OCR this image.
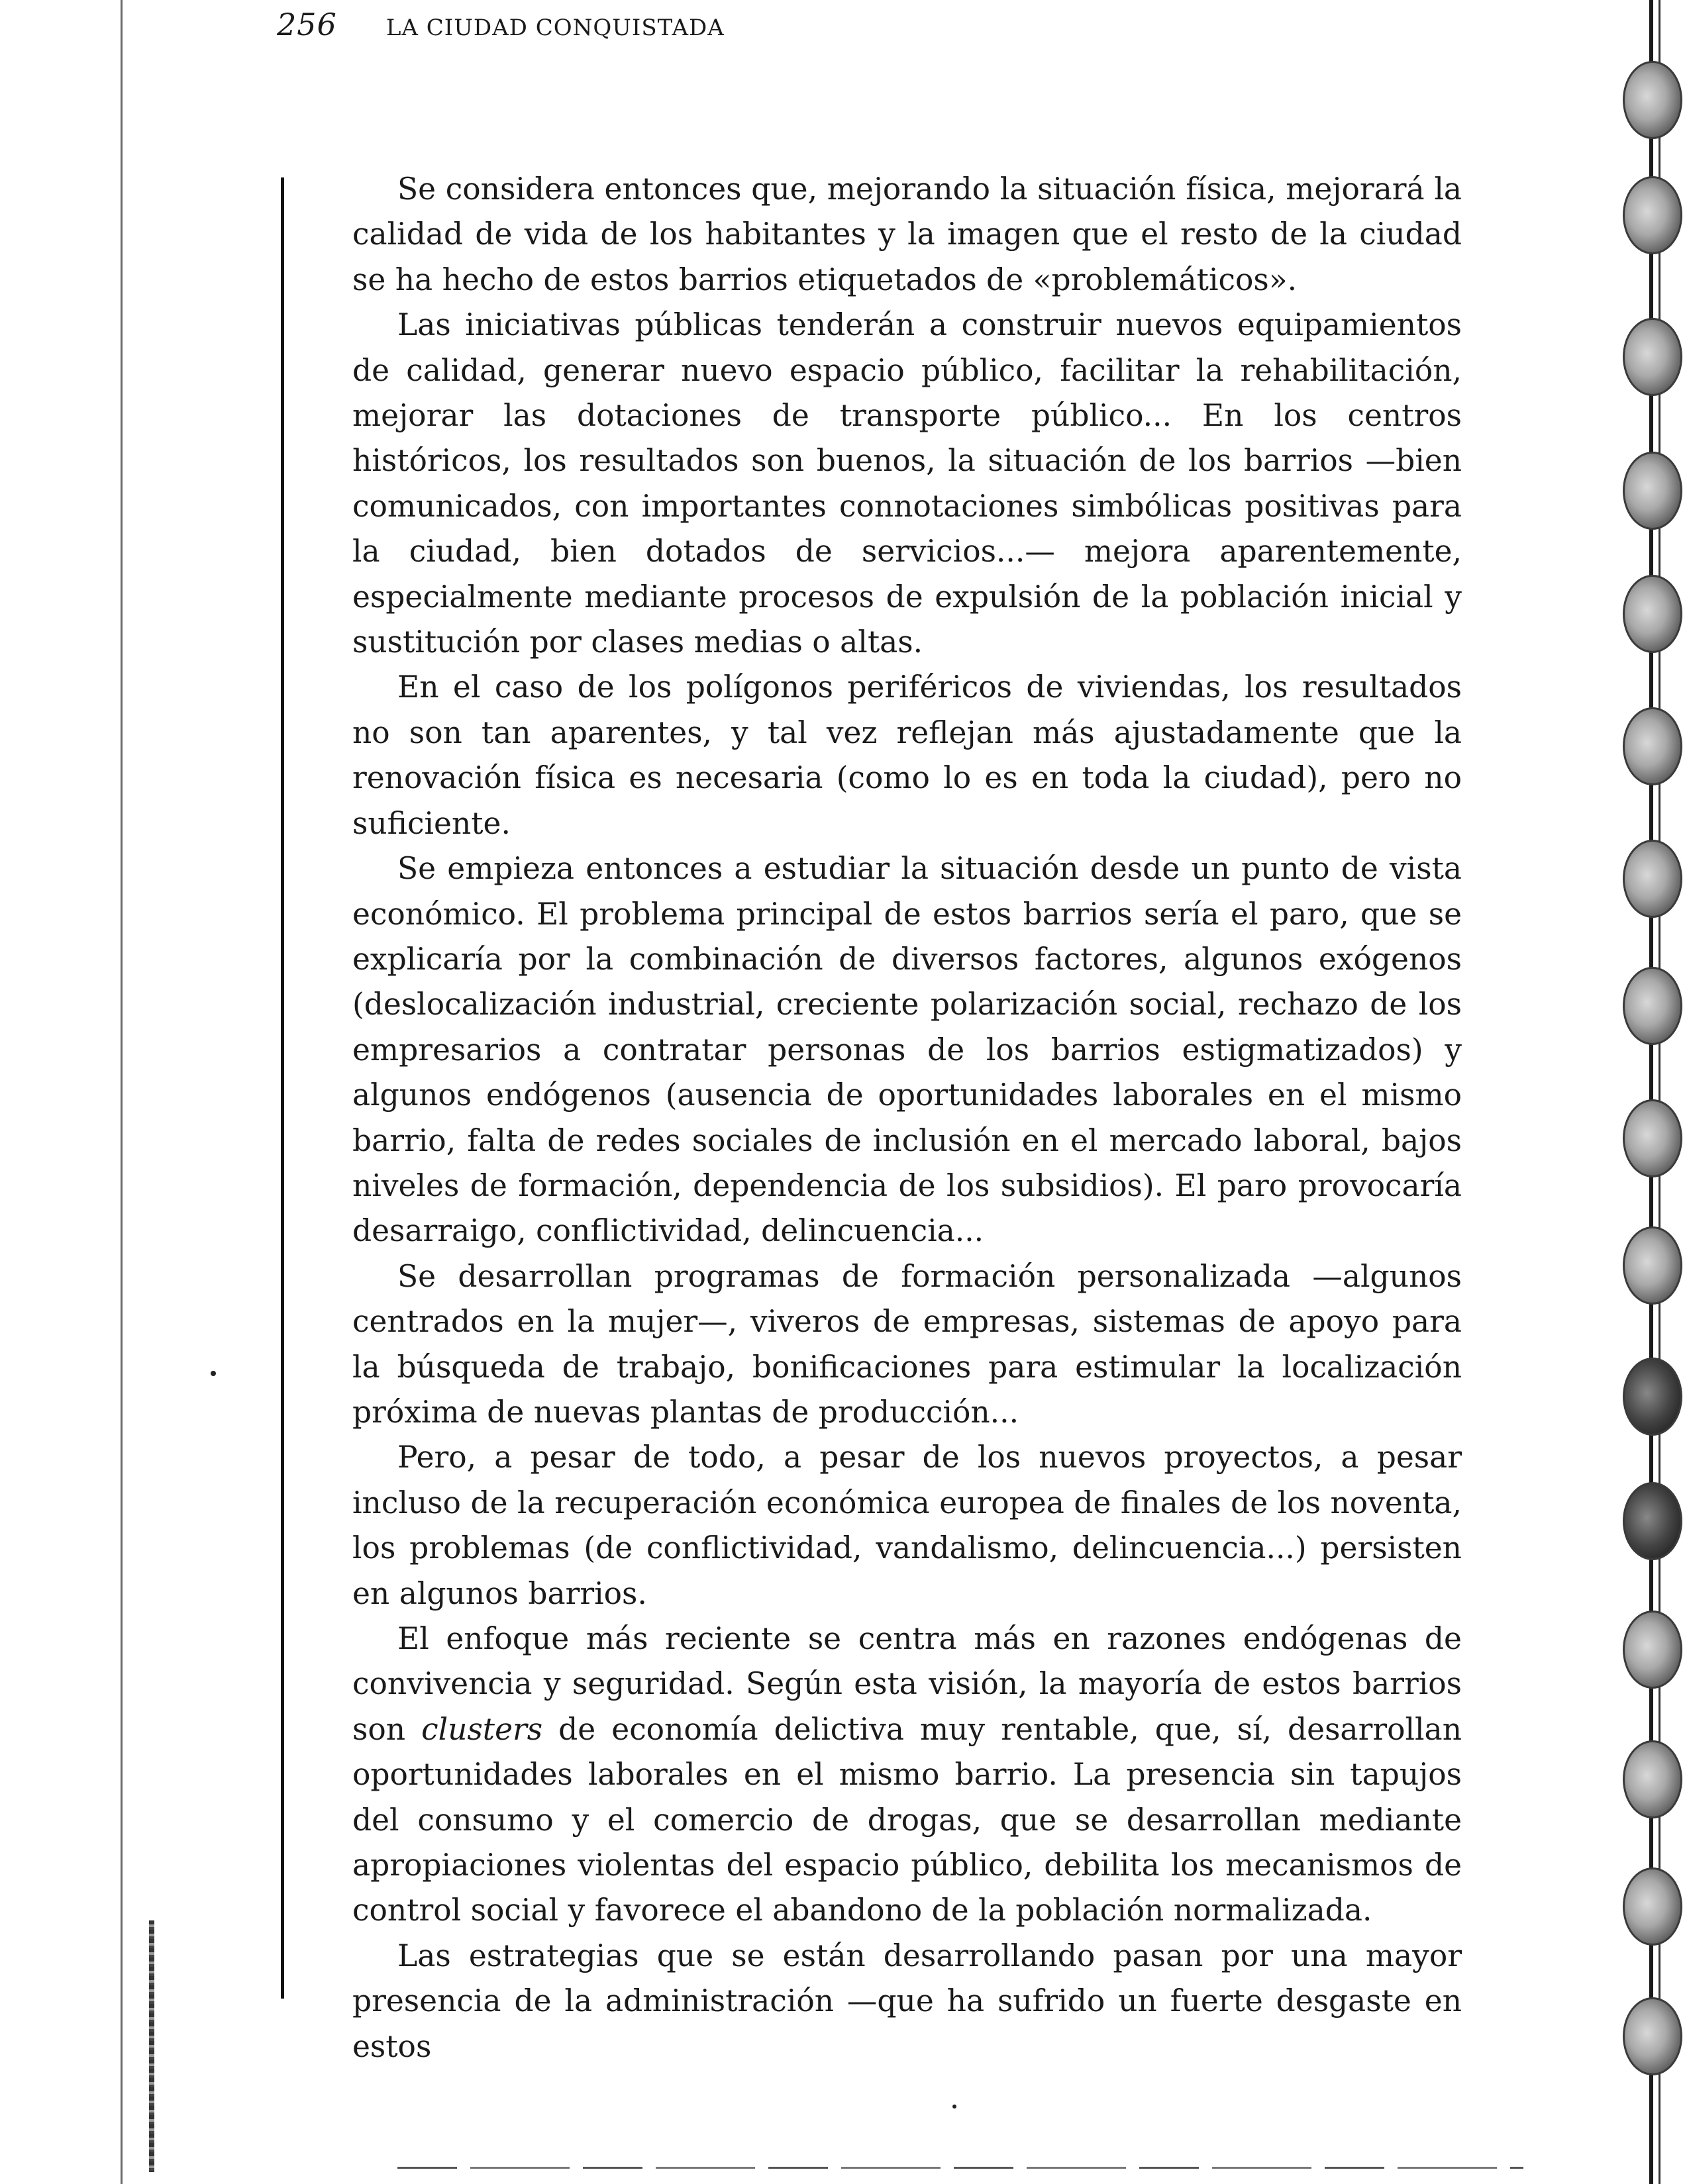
256 LA CIUDAD CONQUISTADA

Se considera entonces que, mejorando la situación física, mejorará la calidad de vida de los habitantes y la imagen que el resto de la ciudad se ha hecho de estos barrios etiquetados de «problemáticos».

Las iniciativas públicas tenderán a construir nuevos equipamientos de calidad, generar nuevo espacio público, facilitar la rehabilitación, mejorar las dotaciones de transporte público... En los centros históricos, los resultados son buenos, la situación de los barrios —bien comunicados, con importantes connotaciones simbólicas positivas para la ciudad, bien dotados de servicios...— mejora aparentemente, especialmente mediante procesos de expulsión de la población inicial y sustitución por clases medias o altas.

En el caso de los polígonos periféricos de viviendas, los resultados no son tan aparentes, y tal vez reflejan más ajustadamente que la renovación física es necesaria (como lo es en toda la ciudad), pero no suficiente.

Se empieza entonces a estudiar la situación desde un punto de vista económico. El problema principal de estos barrios sería el paro, que se explicaría por la combinación de diversos factores, algunos exógenos (deslocalización industrial, creciente polarización social, rechazo de los empresarios a contratar personas de los barrios estigmatizados) y algunos endógenos (ausencia de oportunidades laborales en el mismo barrio, falta de redes sociales de inclusión en el mercado laboral, bajos niveles de formación, dependencia de los subsidios). El paro provocaría desarraigo, conflictividad, delincuencia...

Se desarrollan programas de formación personalizada —algunos centrados en la mujer—, viveros de empresas, sistemas de apoyo para la búsqueda de trabajo, bonificaciones para estimular la localización próxima de nuevas plantas de producción...

Pero, a pesar de todo, a pesar de los nuevos proyectos, a pesar incluso de la recuperación económica europea de finales de los noventa, los problemas (de conflictividad, vandalismo, delincuencia...) persisten en algunos barrios.

El enfoque más reciente se centra más en razones endógenas de convivencia y seguridad. Según esta visión, la mayoría de estos barrios son clusters de economía delictiva muy rentable, que, sí, desarrollan oportunidades laborales en el mismo barrio. La presencia sin tapujos del consumo y el comercio de drogas, que se desarrollan mediante apropiaciones violentas del espacio público, debilita los mecanismos de control social y favorece el abandono de la población normalizada.

Las estrategias que se están desarrollando pasan por una mayor presencia de la administración —que ha sufrido un fuerte desgaste en estos
